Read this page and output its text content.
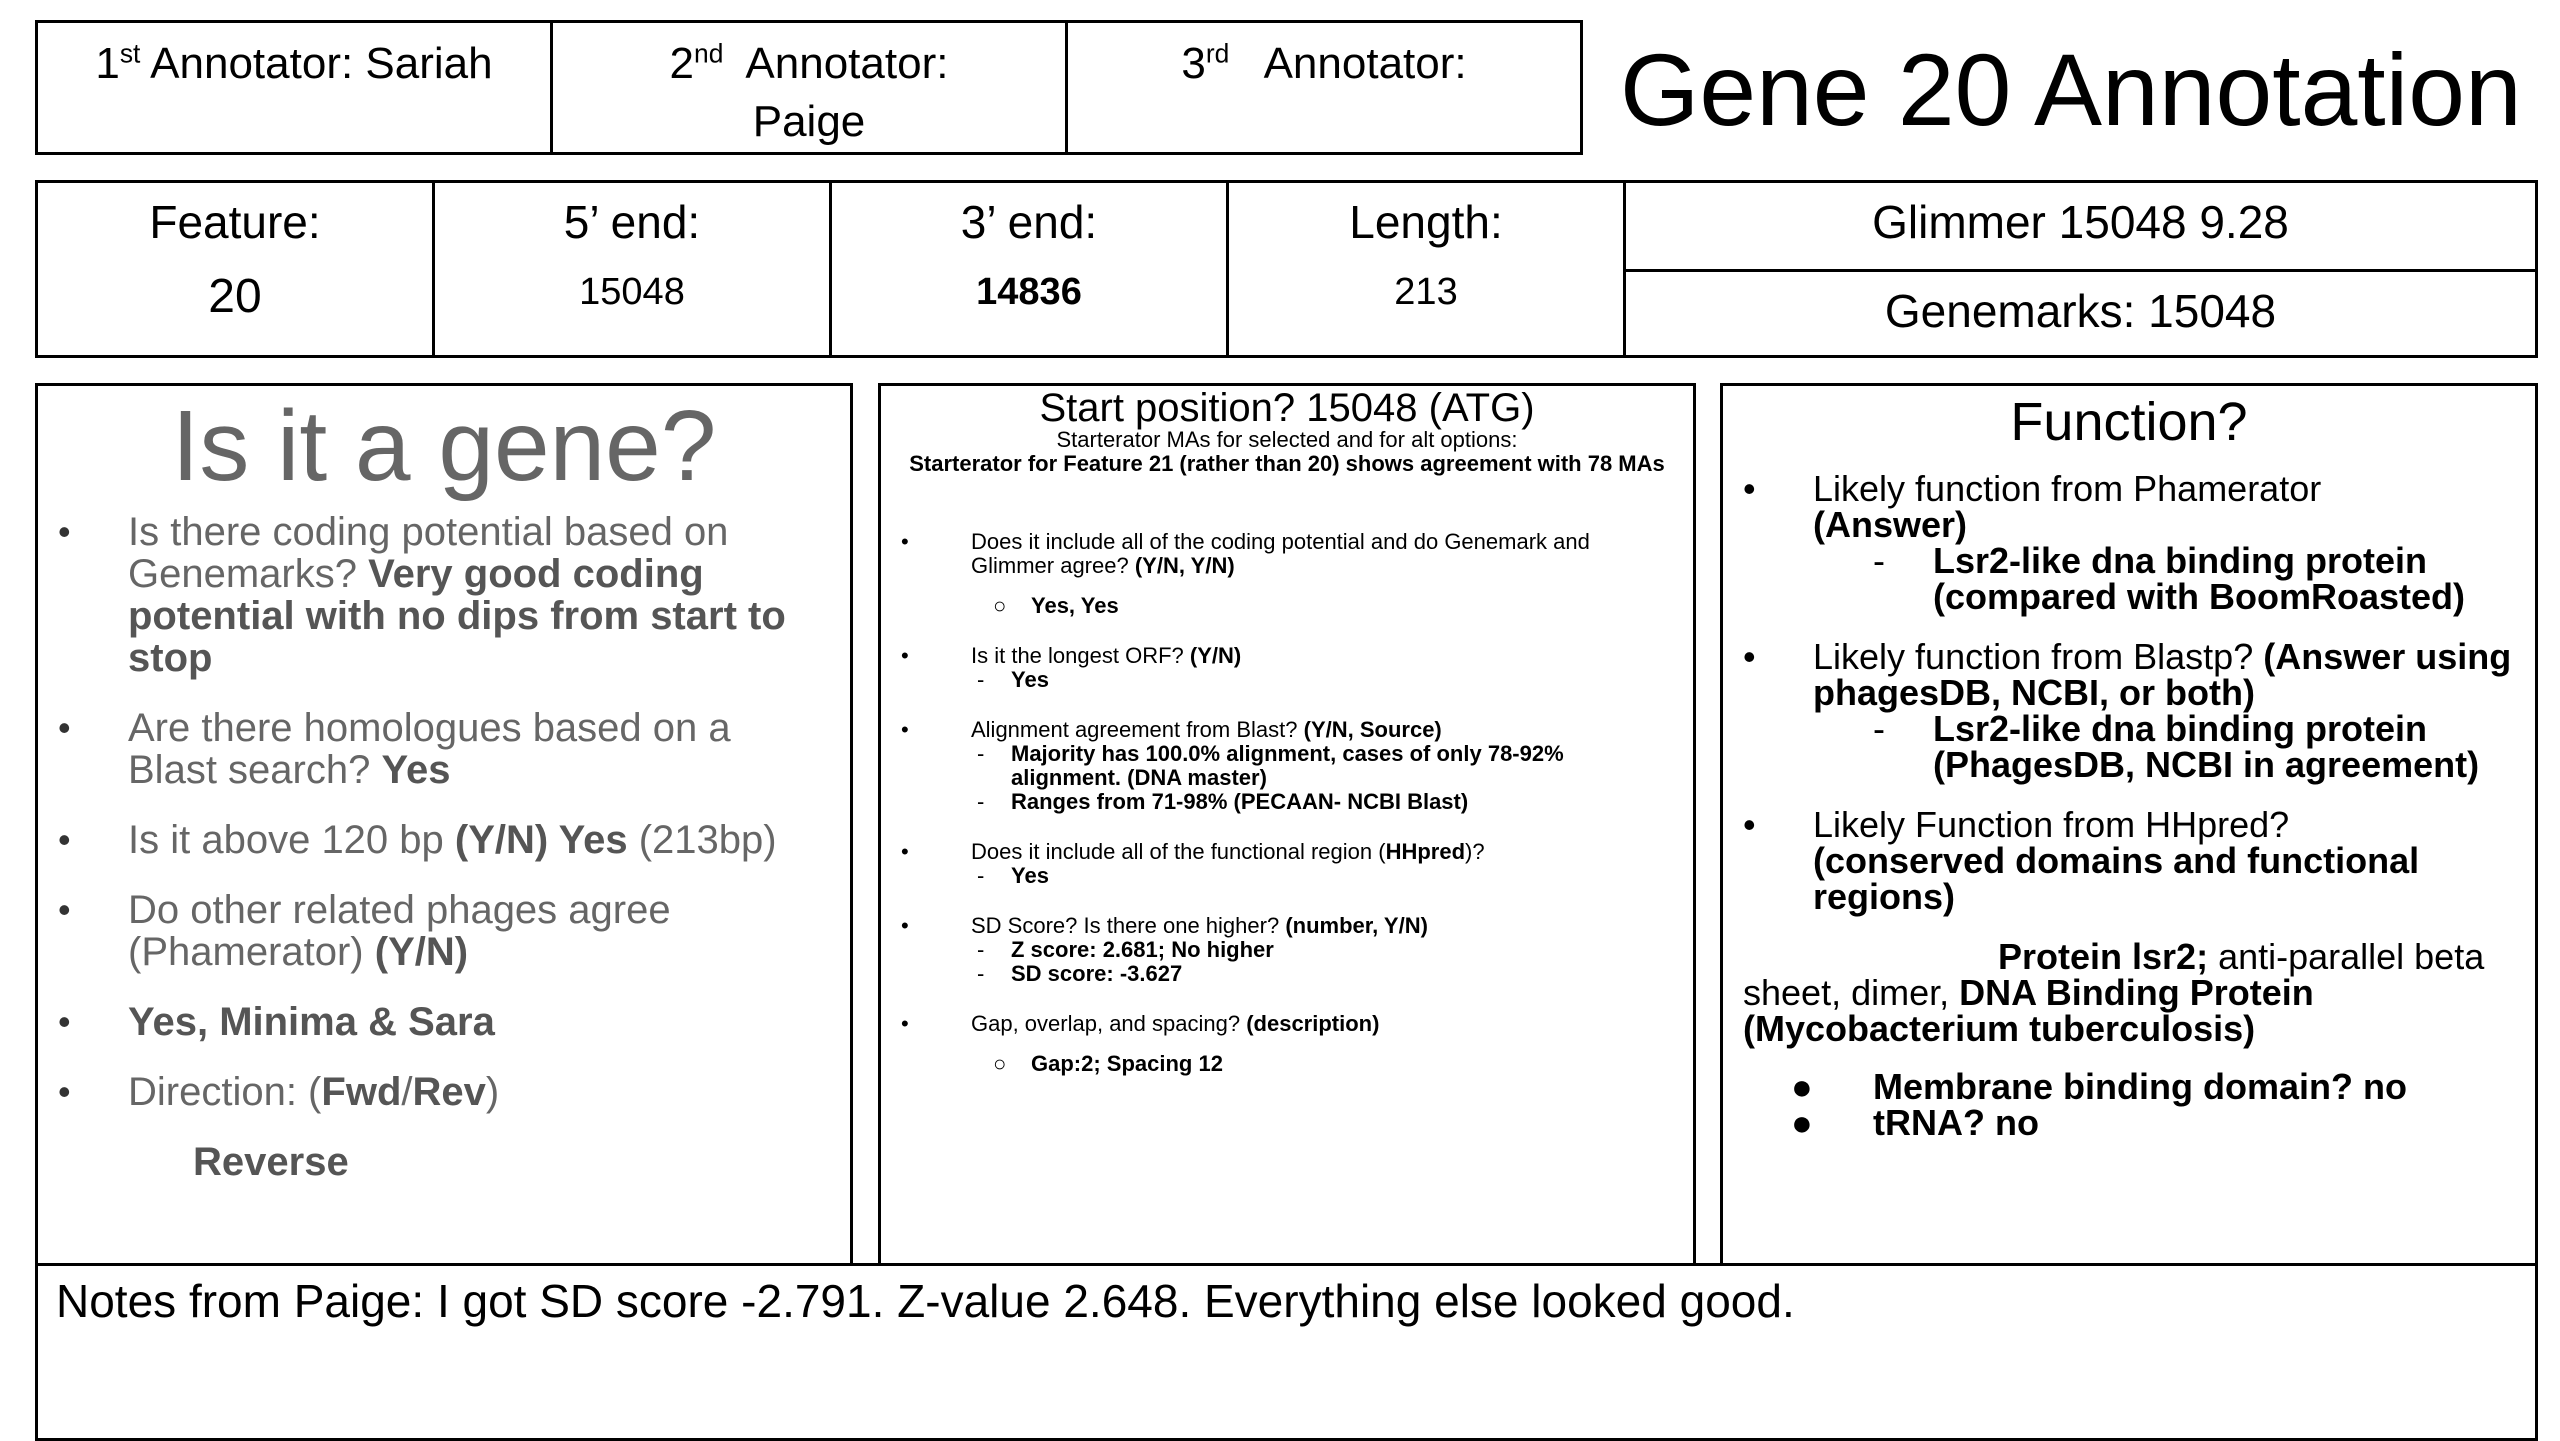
1st Annotator: Sariah	2nd Annotator:
Paige
3rd Annotator:	Gene 20 Annotation
Feature:
20
5’ end:
15048
3’ end:
14836
Length:
213
Glimmer 15048 9.28
Genemarks: 15048
Is it a gene?
• Is there coding potential based on Genemarks? Very good coding potential with no dips from start to stop
• Are there homologues based on a Blast search? Yes
• Is it above 120 bp (Y/N) Yes (213bp)
• Do other related phages agree (Phamerator) (Y/N)
• Yes, Minima & Sara
• Direction: (Fwd/Rev)
Reverse
Start position? 15048 (ATG)
Starterator MAs for selected and for alt options:
Starterator for Feature 21 (rather than 20) shows agreement with 78 MAs
•	Does it include all of the coding potential and do Genemark and Glimmer agree? (Y/N, Y/N)
○ Yes, Yes
•	Is it the longest ORF? (Y/N)
- Yes
•	Alignment agreement from Blast? (Y/N, Source)
- Majority has 100.0% alignment, cases of only 78-92% alignment. (DNA master)
- Ranges from 71-98% (PECAAN- NCBI Blast)
•	Does it include all of the functional region (HHpred)?
- Yes
•	SD Score? Is there one higher? (number, Y/N)
- Z score: 2.681; No higher
- SD score: -3.627
•	Gap, overlap, and spacing? (description)
○ Gap:2; Spacing 12
Function?
• Likely function from Phamerator
(Answer)
- Lsr2-like dna binding protein (compared with BoomRoasted)
• Likely function from Blastp? (Answer using phagesDB, NCBI, or both)
- Lsr2-like dna binding protein (PhagesDB, NCBI in agreement)
• Likely Function from HHpred?
(conserved domains and functional regions)
Protein lsr2; anti-parallel beta sheet, dimer, DNA Binding Protein (Mycobacterium tuberculosis)
● Membrane binding domain? no
● tRNA? no
Notes from Paige: I got SD score -2.791. Z-value 2.648. Everything else looked good.
